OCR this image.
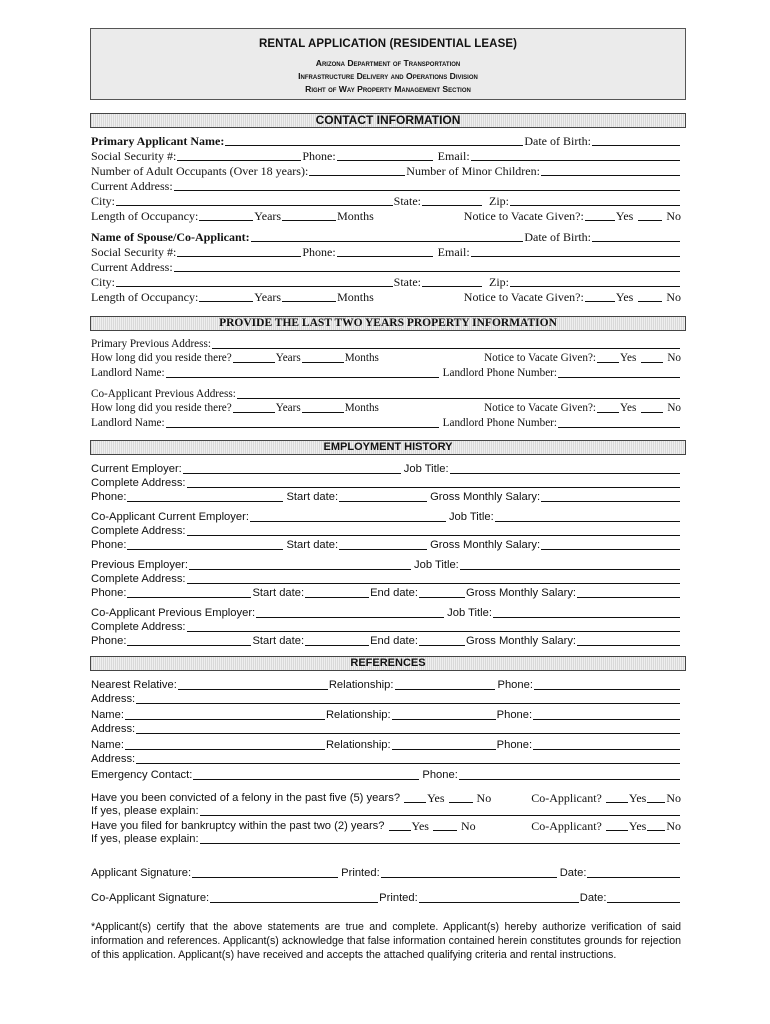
RENTAL APPLICATION (RESIDENTIAL LEASE)
Arizona Department of Transportation
Infrastructure Delivery and Operations Division
Right of Way Property Management Section
CONTACT INFORMATION
Primary Applicant Name:	Date of Birth:
Social Security #:	Phone:	Email:
Number of Adult Occupants (Over 18 years):	Number of Minor Children:
Current Address:
City:	State:	Zip:
Length of Occupancy:	Years	Months	Notice to Vacate Given?:	Yes	No
Name of Spouse/Co-Applicant:	Date of Birth:
Social Security #:	Phone:	Email:
Current Address:
City:	State:	Zip:
Length of Occupancy:	Years	Months	Notice to Vacate Given?:	Yes	No
PROVIDE THE LAST TWO YEARS PROPERTY INFORMATION
Primary Previous Address:
How long did you reside there?	Years	Months	Notice to Vacate Given?: Yes	No
Landlord Name:	Landlord Phone Number:
Co-Applicant Previous Address:
How long did you reside there?	Years	Months	Notice to Vacate Given?: Yes	No
Landlord Name:	Landlord Phone Number:
EMPLOYMENT HISTORY
Current Employer:	Job Title:
Complete Address:
Phone:	Start date:	Gross Monthly Salary:
Co-Applicant Current Employer:	Job Title:
Complete Address:
Phone:	Start date:	Gross Monthly Salary:
Previous Employer:	Job Title:
Complete Address:
Phone:	Start date:	End date:	Gross Monthly Salary:
Co-Applicant Previous Employer:	Job Title:
Complete Address:
Phone:	Start date:	End date:	Gross Monthly Salary:
REFERENCES
Nearest Relative:	Relationship:	Phone:
Address:
Name:	Relationship:	Phone:
Address:
Name:	Relationship:	Phone:
Address:
Emergency Contact:	Phone:
Have you been convicted of a felony in the past five (5) years? Yes	No	Co-Applicant? Yes No
If yes, please explain:
Have you filed for bankruptcy within the past two (2) years? Yes	No	Co-Applicant? Yes No
If yes, please explain:
Applicant Signature:	Printed:	Date:
Co-Applicant Signature:	Printed:	Date:
*Applicant(s) certify that the above statements are true and complete. Applicant(s) hereby authorize verification of said information and references. Applicant(s) acknowledge that false information contained herein constitutes grounds for rejection of this application. Applicant(s) have received and accepts the attached qualifying criteria and rental instructions.
